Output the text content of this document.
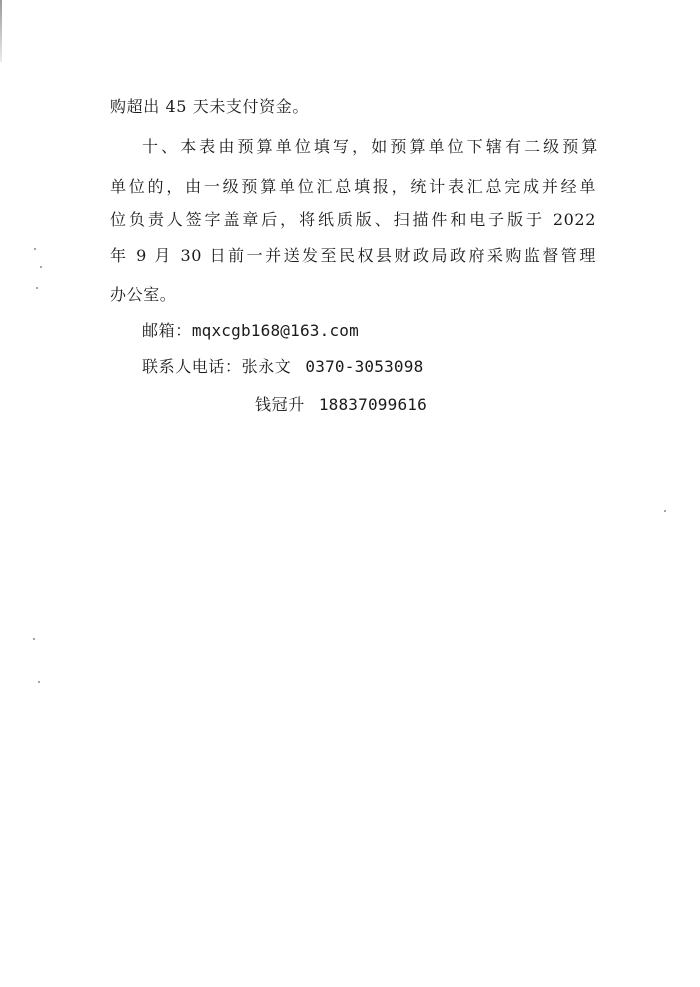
购超出 45 天未支付资金。
十、本表由预算单位填写，如预算单位下辖有二级预算
单位的，由一级预算单位汇总填报，统计表汇总完成并经单
位负责人签字盖章后，将纸质版、扫描件和电子版于 2022
年 9 月 30 日前一并送发至民权县财政局政府采购监督管理
办公室。
邮箱：mqxcgb168@163.com
联系人电话：张永文 0370-3053098
钱冠升 18837099616
